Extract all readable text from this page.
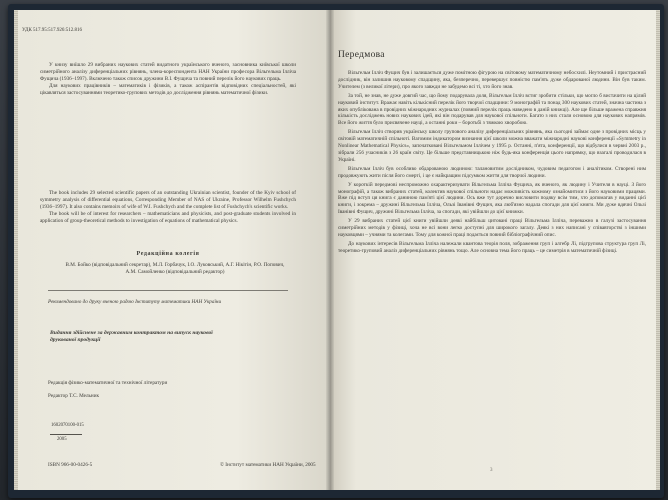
УДК 517.95:517.926:512.816

У книзу виїшло 29 вибраних наукових статей видатного українського вченого, засновника київської школи симетрійного аналізу диференціальних рівнянь, члена-кореспондента НАН України професора Вільгельма Іллічa Фущичa (1936–1997). Включено також список дружини В.І. Фущичa та повний перелік його наукових праць.

Для наукових працівників – математиків і фізиків, а також аспірантів відповідних спеціальностей, які цікавляться застосуваннями теоретико-групових методів до дослідження рівнянь математичної фізики.

The book includes 29 selected scientific papers of an outstanding Ukrainian scientist, founder of the Kyiv school of symmetry analysis of differential equations, Corresponding Member of NAS of Ukraine, Professor Wilhelm Fushchych (1936–1997). It also contains memoirs of wife of W.I. Fushchych and the complete list of Fushchych's scientific works.

The book will be of interest for researchers – mathematicians and physicists, and post-graduate students involved in application of group-theoretical methods to investigation of equations of mathematical physics.

Редакційна колегія
В.М. Бойко (відповідальний секретар), М.Л. Горбачук, І.О. Луковський, А.Г. Нікітін, Р.О. Попович, А.М. Самойленко (відповідальний редактор)
Рекомендовано до друку вченою радою Інституту математики НАН України
Видання здійснене за державним контрактом на випуск наукової друкованої продукції

Редакція фізико-математичної та технічної літератури

Редактор Т.С. Мельник

1602070100-015
2005
ISBN 966-00-0426-5	© Інститут математики НАН України, 2005
Передмова

Вільгельм Ілліч Фущич був і залишається дуже помітною фігурою на світовому математичному небосхилі. Неутомний і пристрасний дослідник, він залишив науковому спадщину, яка, безперечно, перевершує повністю пам'ять дуже обдарованої людини. Він був таким. Учителем (з великої літери), про якого завжди не забудемо всі ті, хто його знав.

За той, не знав, не дуже довгий час, що йому подарувала доля, Вільгельм Ілліч встиг зробити стільки, що могло б вистачити на цілий науковий інститут. Вражає навіть кількісний перелік його творчої спадщини: 9 монографій та понад 300 наукових статей, значна частина з яких опублікована в провідних міжнародних журналах (повний перелік праць наведено в даній книжці). Але ще більше вражена справжня кількість досліджень нових наукових ідей, які він подарував для наукової спільноти. Багато з них стали основою для наукових напрямів. Все його життя було присвячене науці, а останні роки – боротьбі з тяжкою хворобою.

Вільгельм Ілліч створив українську школу групового аналізу диференціальних рівнянь, яка сьогодні займає одне з провідних місць у світовій математичній спільноті. Вагомим індикатором визнання цієї школи можна вважати міжнародні наукові конференції «Symmetry in Nonlinear Mathematical Physics», започатковані Вільгельмом Іллічем у 1995 р. Останні, п'ята, конференції, що відбулися в червні 2003 р., зібрали 256 учасників з 26 країн світу. Це більше представницькою ніж будь-яка конференція цього напрямку, що взагалі проводилася в Україні.

Вільгельм Ілліч був особливо обдарованою людиною: талановитим дослідником, чудовим педагогом і аналітиком. Створені ним продовжують жити після його смерті, і це є найкращим підсумком життя для творчої людини.

У короткій передмові неспроможно охарактеризувати Вільгельма Ілліча Фущича, як вченого, як людину і Учителя в науці. З його монографій, а також вибраних статей, колектив наукової спільноти надає можливість кожному ознайомитися з його науковими працями. Вже під вступ ця книга є даниною пам'яті цієї людини. Ось вже тут доречно висловити подяку всім тим, хто допомагав у виданні цієї книги, і зокрема – дружині Вільгельма Ілліча, Ользі Іванівні Фущич, яка люб'язно надала спогади для цієї книги. Ми дуже вдячні Ользі Іванівні Фущич, дружині Вільгельма Ілліча, за спогади, які увійшли до цієї книжки.

У 29 вибраних статей цієї книги увійшли деякі найбільш цитовані праці Вільгельма Ілліча, переважно в галузі застосування симетрійних методів у фізиці, хоча не всі вони легко доступні для широкого загалу. Деякі з них написані у співавторстві з іншими науковцями – учнями та колегами. Тому для кожної праці подається повний бібліографічний опис.

До наукових інтересів Вільгельма Ілліча належали квантова теорія поля, зображення груп і алгебр Лі, підгрупова структура груп Лі, теоретико-груповий аналіз диференціальних рівнянь тощо. Але основна тема його праць – це симетрія в математичній фізиці.

3
